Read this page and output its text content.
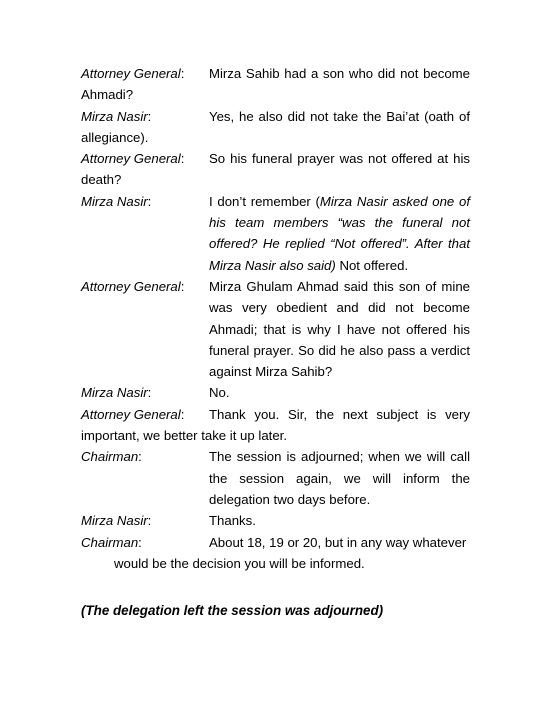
Attorney General: Mirza Sahib had a son who did not become Ahmadi?

Mirza Nasir:	Yes, he also did not take the Bai’at (oath of allegiance).

Attorney General: So his funeral prayer was not offered at his death?

Mirza Nasir:	I don’t remember (Mirza Nasir asked one of his team members “was the funeral not offered? He replied “Not offered”. After that Mirza Nasir also said) Not offered.

Attorney General: Mirza Ghulam Ahmad said this son of mine was very obedient and did not become Ahmadi; that is why I have not offered his funeral prayer. So did he also pass a verdict against Mirza Sahib?

Mirza Nasir:	No.

Attorney General: Thank you. Sir, the next subject is very important, we better take it up later.

Chairman:	The session is adjourned; when we will call the session again, we will inform the delegation two days before.

Mirza Nasir:	Thanks.

Chairman:	About 18, 19 or 20, but in any way whatever

would be the decision you will be informed.

(The delegation left the session was adjourned)
